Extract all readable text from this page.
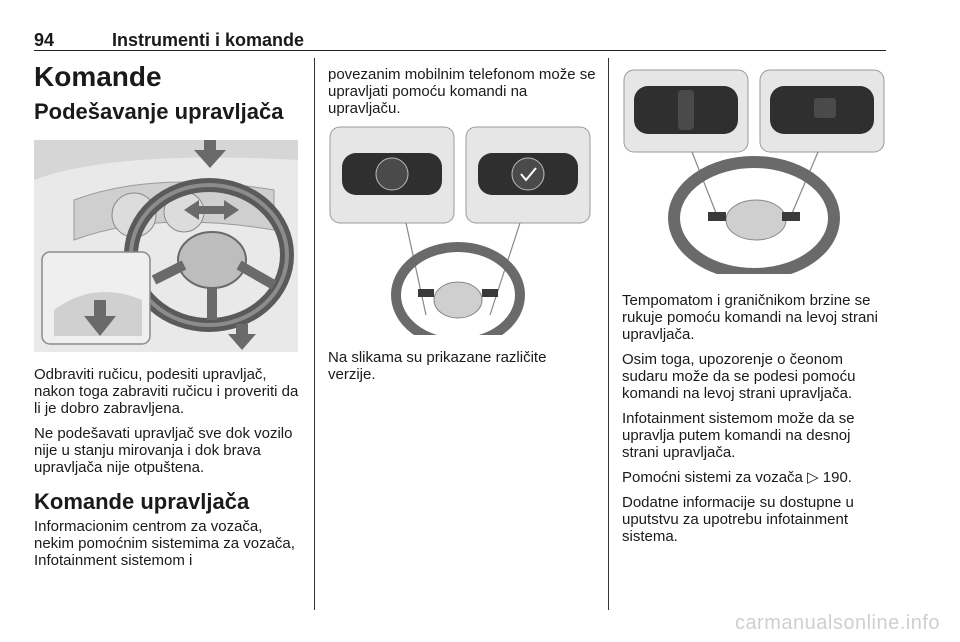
94	Instrumenti i komande
Komande
Podešavanje upravljača

Odbraviti ručicu, podesiti upravljač, nakon toga zabraviti ručicu i proveriti da li je dobro zabravljena.

Ne podešavati upravljač sve dok vozilo nije u stanju mirovanja i dok brava upravljača nije otpuštena.

Komande upravljača

Informacionim centrom za vozača, nekim pomoćnim sistemima za vozača, Infotainment sistemom i

povezanim mobilnim telefonom može se upravljati pomoću komandi na upravljaču.

Na slikama su prikazane različite verzije.

Tempomatom i graničnikom brzine se rukuje pomoću komandi na levoj strani upravljača.

Osim toga, upozorenje o čeonom sudaru može da se podesi pomoću komandi na levoj strani upravljača.

Infotainment sistemom može da se upravlja putem komandi na desnoj strani upravljača.

Pomoćni sistemi za vozača ▷ 190.

Dodatne informacije su dostupne u uputstvu za upotrebu infotainment sistema.

carmanualsonline.info
